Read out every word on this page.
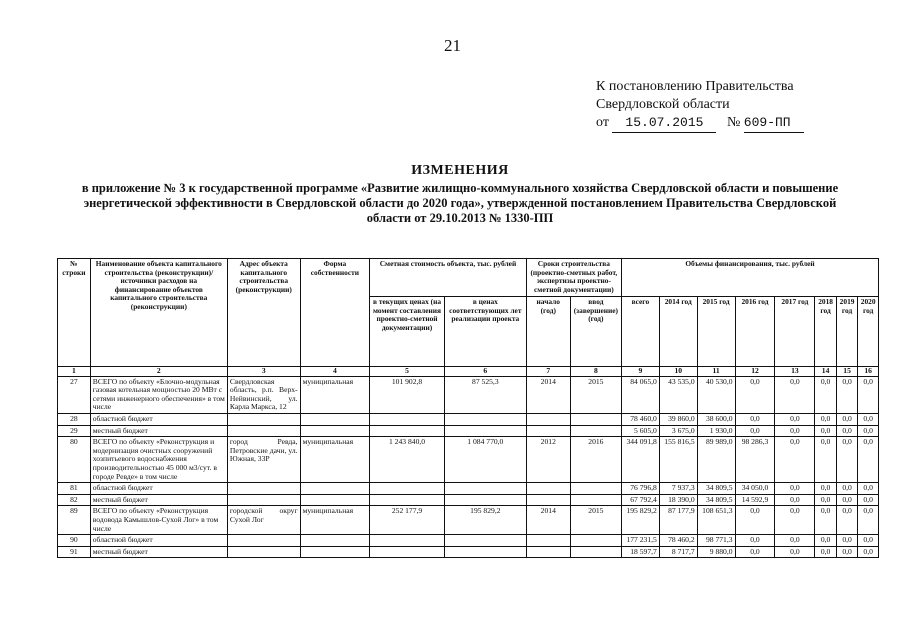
21
К постановлению Правительства
Свердловской области
от 15.07.2015 № 609-ПП
ИЗМЕНЕНИЯ
в приложение № 3 к государственной программе «Развитие жилищно-коммунального хозяйства Свердловской области и повышение энергетической эффективности в Свердловской области до 2020 года», утвержденной постановлением Правительства Свердловской области от 29.10.2013 № 1330-ПП
№ строки	Наименование объекта капитального строительства (реконструкции)/ источники расходов на финансирование объектов капитального строительства (реконструкции)	Адрес объекта капитального строительства (реконструкции)	Форма собственности	Сметная стоимость объекта, тыс. рублей		Сроки строительства (проектно-сметных работ, экспертизы проектно-сметной документации)		Объемы финансирования, тыс. рублей							
				в текущих ценах (на момент составления проектно-сметной документации)	в ценах соответствующих лет реализации проекта	начало (год)	ввод (завершение) (год)	всего	2014 год	2015 год	2016 год	2017 год	2018 год	2019 год	2020 год
1	2	3	4	5	6	7	8	9	10	11	12	13	14	15	16
27	ВСЕГО по объекту «Блочно-модульная газовая котельная мощностью 20 МВт с сетями инженерного обеспечения» в том числе	Свердловская область, р.п. Верх-Нейвинский, ул. Карла Маркса, 12	муниципальная	101 902,8	87 525,3	2014	2015	84 065,0	43 535,0	40 530,0	0,0	0,0	0,0	0,0	0,0
28	областной бюджет							78 460,0	39 860,0	38 600,0	0,0	0,0	0,0	0,0	0,0
29	местный бюджет							5 605,0	3 675,0	1 930,0	0,0	0,0	0,0	0,0	0,0
80	ВСЕГО по объекту «Реконструкция и модернизация очистных сооружений хозпитьевого водоснабжения производительностью 45 000 м3/сут. в городе Ревде» в том числе	город Ревда, Петровские дачи, ул. Южная, 33Р	муниципальная	1 243 840,0	1 084 770,0	2012	2016	344 091,8	155 816,5	89 989,0	98 286,3	0,0	0,0	0,0	0,0
81	областной бюджет							76 796,8	7 937,3	34 809,5	34 050,0	0,0	0,0	0,0	0,0
82	местный бюджет							67 792,4	18 390,0	34 809,5	14 592,9	0,0	0,0	0,0	0,0
89	ВСЕГО по объекту «Реконструкция водовода Камышлов-Сухой Лог» в том числе	городской округ Сухой Лог	муниципальная	252 177,9	195 829,2	2014	2015	195 829,2	87 177,9	108 651,3	0,0	0,0	0,0	0,0	0,0
90	областной бюджет							177 231,5	78 460,2	98 771,3	0,0	0,0	0,0	0,0	0,0
91	местный бюджет							18 597,7	8 717,7	9 880,0	0,0	0,0	0,0	0,0	0,0
